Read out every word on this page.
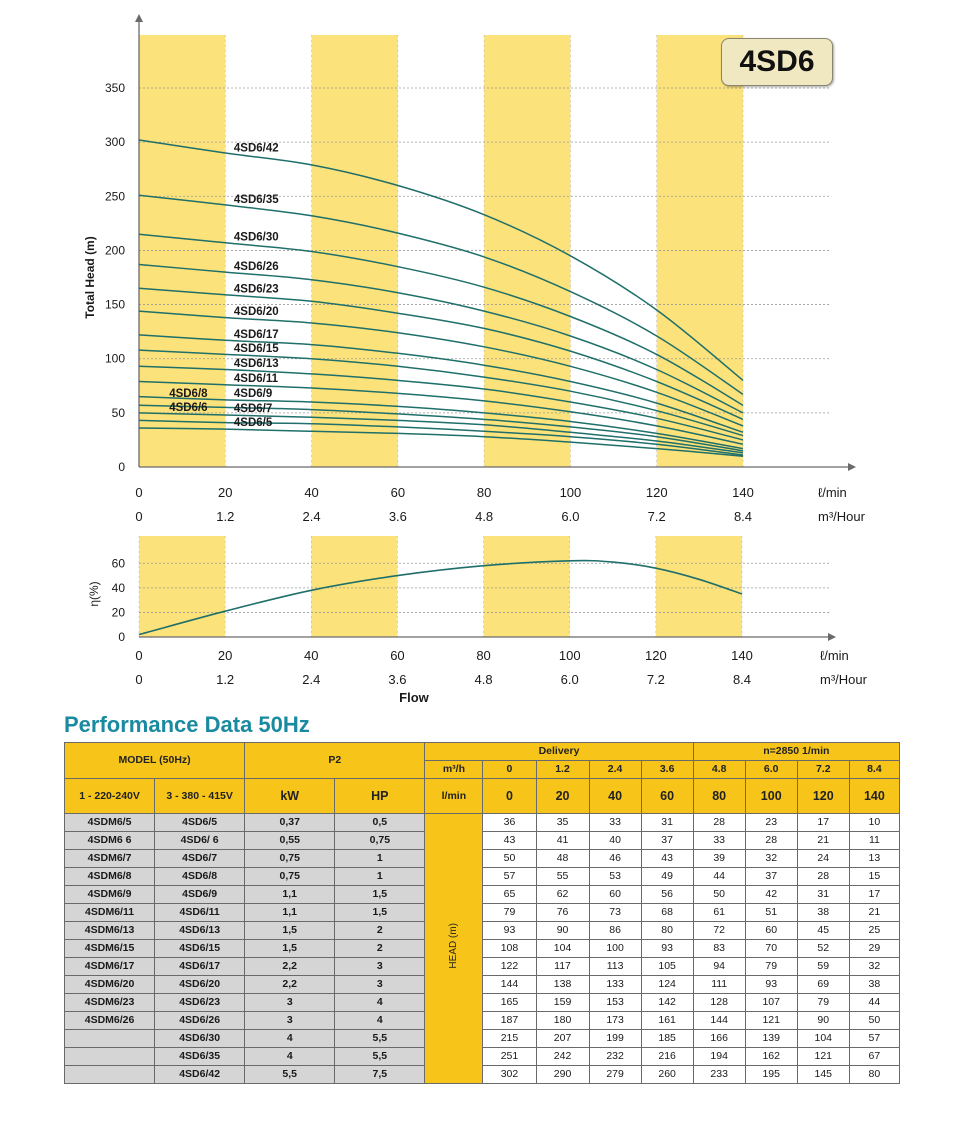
0
50
100
150
200
250
300
350
0	20	40	60	80	100	120	140
0	1.2	2.4	3.6	4.8	6.0	7.2	8.4
ℓ/min
m³/Hour
Total Head (m)
4SD6/42
4SD6/35
4SD6/30
4SD6/26
4SD6/23
4SD6/20
4SD6/17
4SD6/15
4SD6/13
4SD6/11
4SD6/9
4SD6/8
4SD6/7
4SD6/6
4SD6/5
4SD6
0
20
40
60
0	20	40	60	80	100	120	140
0	1.2	2.4	3.6	4.8	6.0	7.2	8.4
ℓ/min
m³/Hour
η(%)
Flow
Performance Data 50Hz
MODEL (50Hz)		P2		Delivery					n=2850 1/min			
				m³/h	0	1.2	2.4	3.6	4.8	6.0	7.2	8.4
1 - 220-240V	3 - 380 - 415V	kW	HP	l/min	0	20	40	60	80	100	120	140
4SDM6/5	4SD6/5	0,37	0,5	HEAD (m)	36	35	33	31	28	23	17	10
4SDM6 6	4SD6/ 6	0,55	0,75		43	41	40	37	33	28	21	11
4SDM6/7	4SD6/7	0,75	1		50	48	46	43	39	32	24	13
4SDM6/8	4SD6/8	0,75	1		57	55	53	49	44	37	28	15
4SDM6/9	4SD6/9	1,1	1,5		65	62	60	56	50	42	31	17
4SDM6/11	4SD6/11	1,1	1,5		79	76	73	68	61	51	38	21
4SDM6/13	4SD6/13	1,5	2		93	90	86	80	72	60	45	25
4SDM6/15	4SD6/15	1,5	2		108	104	100	93	83	70	52	29
4SDM6/17	4SD6/17	2,2	3		122	117	113	105	94	79	59	32
4SDM6/20	4SD6/20	2,2	3		144	138	133	124	111	93	69	38
4SDM6/23	4SD6/23	3	4		165	159	153	142	128	107	79	44
4SDM6/26	4SD6/26	3	4		187	180	173	161	144	121	90	50
	4SD6/30	4	5,5		215	207	199	185	166	139	104	57
	4SD6/35	4	5,5		251	242	232	216	194	162	121	67
	4SD6/42	5,5	7,5		302	290	279	260	233	195	145	80
